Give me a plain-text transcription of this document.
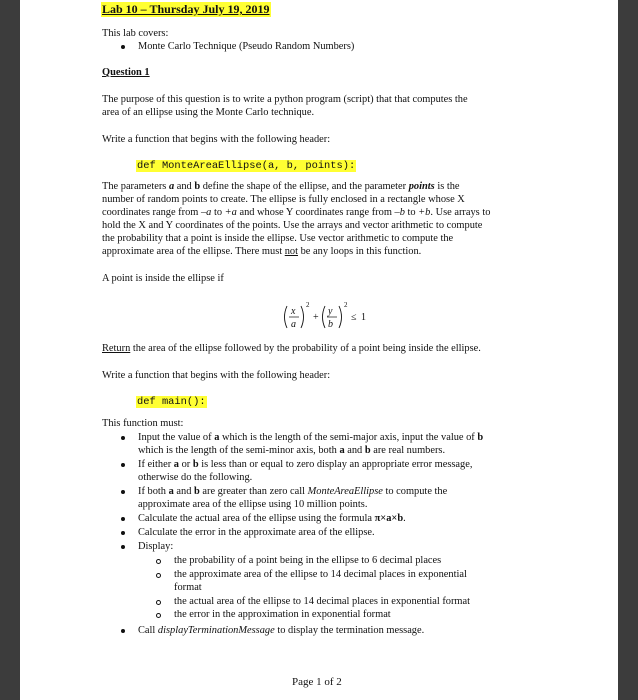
Lab 10 – Thursday July 19, 2019
This lab covers:
Monte Carlo Technique (Pseudo Random Numbers)
Question 1
The purpose of this question is to write a python program (script) that that computes the
area of an ellipse using the Monte Carlo technique.
Write a function that begins with the following header:
def MonteAreaEllipse(a, b, points):
The parameters a and b define the shape of the ellipse, and the parameter points is the
number of random points to create. The ellipse is fully enclosed in a rectangle whose X
coordinates range from –a to +a and whose Y coordinates range from –b to +b. Use arrays to
hold the X and Y coordinates of the points. Use the arrays and vector arithmetic to compute
the probability that a point is inside the ellipse. Use vector arithmetic to compute the
approximate area of the ellipse. There must not be any loops in this function.
A point is inside the ellipse if
x
a
2
+
y
b
2
≤ 1
Return the area of the ellipse followed by the probability of a point being inside the ellipse.
Write a function that begins with the following header:
def main():
This function must:
Input the value of a which is the length of the semi-major axis, input the value of b
which is the length of the semi-minor axis, both a and b are real numbers.
If either a or b is less than or equal to zero display an appropriate error message,
otherwise do the following.
If both a and b are greater than zero call MonteAreaEllipse to compute the
approximate area of the ellipse using 10 million points.
Calculate the actual area of the ellipse using the formula π×a×b.
Calculate the error in the approximate area of the ellipse.
Display:
the probability of a point being in the ellipse to 6 decimal places
the approximate area of the ellipse to 14 decimal places in exponential
format
the actual area of the ellipse to 14 decimal places in exponential format
the error in the approximation in exponential format
Call displayTerminationMessage to display the termination message.
Page 1 of 2
